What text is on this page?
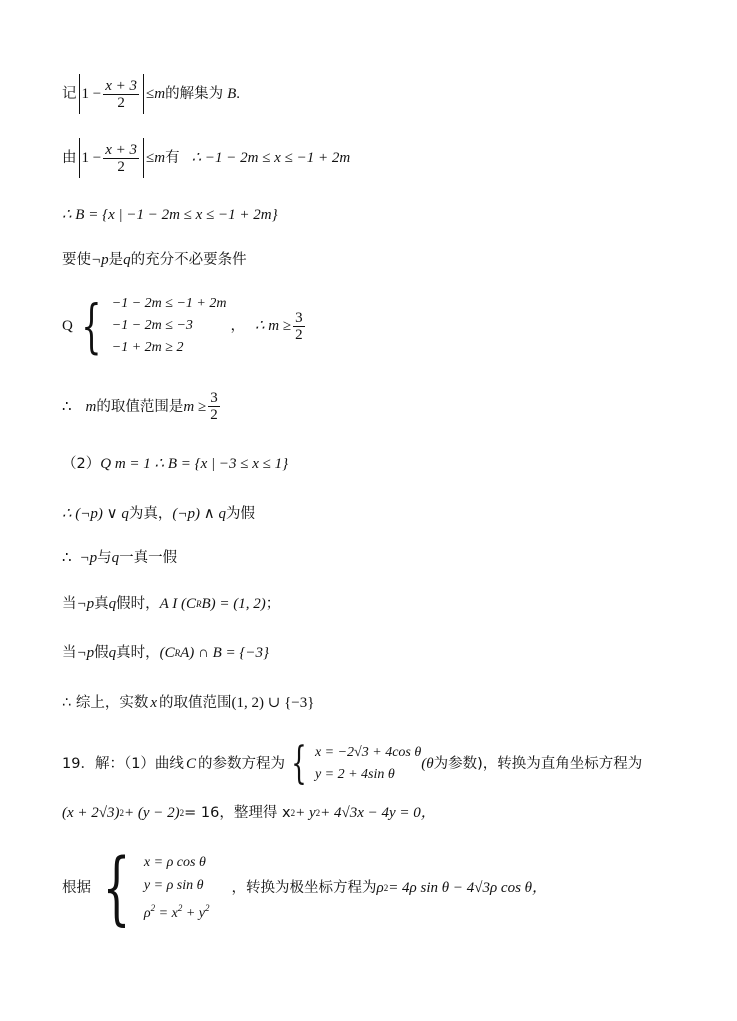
记 $1 - \frac{x + 3}{2} \le m$ 的解集为 B .
由 $1 - \frac{x + 3}{2} \le m$ 有 ∴ −1 − 2m ≤ x ≤ −1 + 2m
∴ B = {x | −1 − 2m ≤ x ≤ −1 + 2m}
要使 ¬p 是 q 的充分不必要条件
Q { −1 − 2m ≤ −1 + 2m
−1 − 2m ≤ −3
−1 + 2m ≥ 2
， ∴ $m \ge \frac{3}{2}$
∴ m 的取值范围是 $m \ge \frac{3}{2}$
（2） Q m = 1 ∴ B = {x | −3 ≤ x ≤ 1}
∴ (¬p) ∨ q 为真， (¬p) ∧ q 为假
∴ ¬p 与 q 一真一假
当 ¬p 真 q 假时， A I (C R B) = (1, 2) ；
当 ¬p 假 q 真时， (C R A) ∩ B = {−3}
∴ 综上，实数 x 的取值范围 (1, 2) ∪ {−3}
19．解：（1）曲线 C 的参数方程为 { x = −2√3 + 4cos θ
y = 2 + 4sin θ
(θ 为参数)，转换为直角坐标方程为
(x + 2√3) 2 + (y − 2) 2 = 16，整理得 x 2 + y 2 + 4√3x − 4y = 0，
根据 { x = ρ cos θ
y = ρ sin θ
$\rho^2 = x^2 + y^2$
，转换为极坐标方程为 ρ 2 = 4ρ sin θ − 4√3ρ cos θ，
